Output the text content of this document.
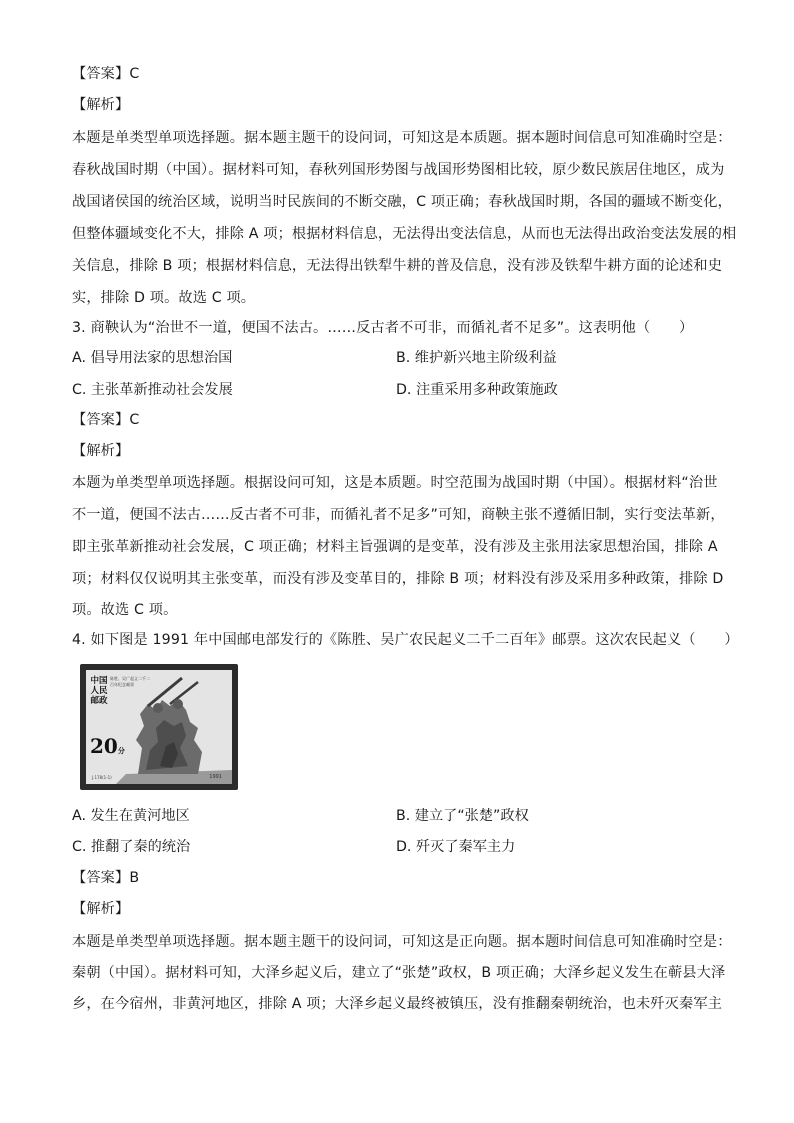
【答案】C
【解析】
本题是单类型单项选择题。据本题主题干的设问词，可知这是本质题。据本题时间信息可知准确时空是：
春秋战国时期（中国）。据材料可知，春秋列国形势图与战国形势图相比较，原少数民族居住地区，成为
战国诸侯国的统治区域，说明当时民族间的不断交融，C 项正确；春秋战国时期，各国的疆域不断变化，
但整体疆域变化不大，排除 A 项；根据材料信息，无法得出变法信息，从而也无法得出政治变法发展的相
关信息，排除 B 项；根据材料信息，无法得出铁犁牛耕的普及信息，没有涉及铁犁牛耕方面的论述和史
实，排除 D 项。故选 C 项。
3. 商鞅认为“治世不一道，便国不法古。……反古者不可非，而循礼者不足多”。这表明他（　　）
A. 倡导用法家的思想治国	B. 维护新兴地主阶级利益
C. 主张革新推动社会发展	D. 注重采用多种政策施政
【答案】C
【解析】
本题为单类型单项选择题。根据设问可知，这是本质题。时空范围为战国时期（中国）。根据材料“治世
不一道，便国不法古……反古者不可非，而循礼者不足多”可知，商鞅主张不遵循旧制，实行变法革新，
即主张革新推动社会发展，C 项正确；材料主旨强调的是变革，没有涉及主张用法家思想治国，排除 A
项；材料仅仅说明其主张变革，而没有涉及变革目的，排除 B 项；材料没有涉及采用多种政策，排除 D
项。故选 C 项。
4. 如下图是 1991 年中国邮电部发行的《陈胜、吴广农民起义二千二百年》邮票。这次农民起义（　　）
中国人民邮政
陈胜、吴广起义二千二百年纪念邮票
20分
J.178(1-1)	1991
A. 发生在黄河地区	B. 建立了“张楚”政权
C. 推翻了秦的统治	D. 歼灭了秦军主力
【答案】B
【解析】
本题是单类型单项选择题。据本题主题干的设问词，可知这是正向题。据本题时间信息可知准确时空是：
秦朝（中国）。据材料可知，大泽乡起义后，建立了“张楚”政权，B 项正确；大泽乡起义发生在蕲县大泽
乡，在今宿州，非黄河地区，排除 A 项；大泽乡起义最终被镇压，没有推翻秦朝统治，也未歼灭秦军主
